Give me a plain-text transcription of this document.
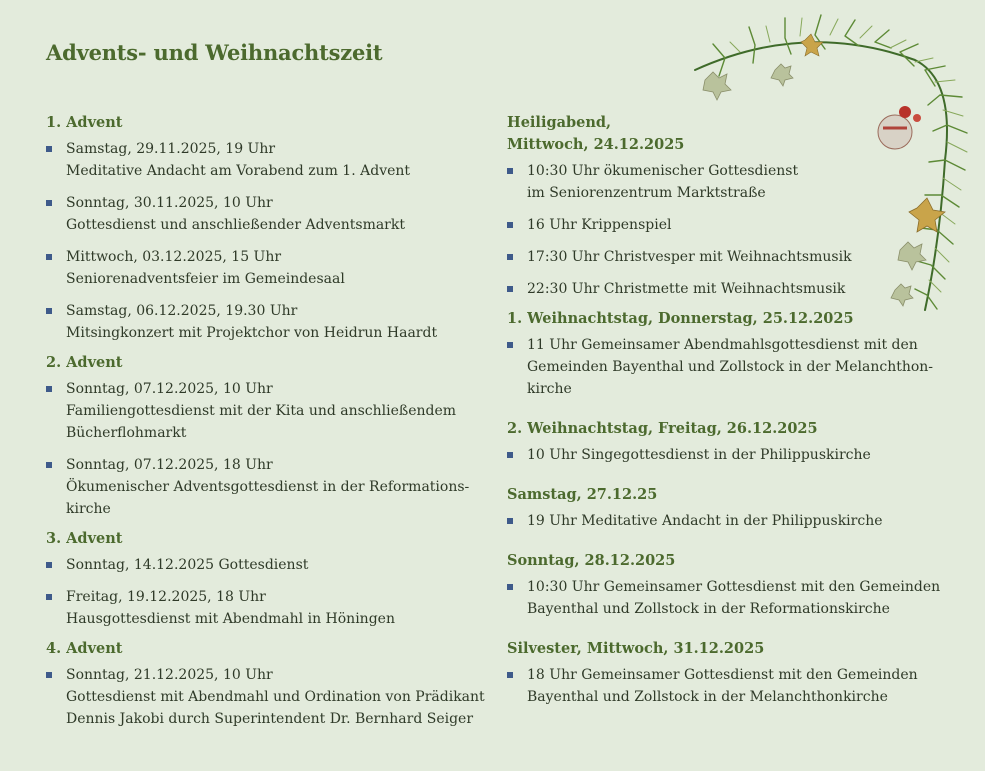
Advents- und Weihnachtszeit
1. Advent
Samstag, 29.11.2025, 19 Uhr
Meditative Andacht am Vorabend zum 1. Advent
Sonntag, 30.11.2025, 10 Uhr
Gottesdienst und anschließender Adventsmarkt
Mittwoch, 03.12.2025, 15 Uhr
Seniorenadventsfeier im Gemeindesaal
Samstag, 06.12.2025, 19.30 Uhr
Mitsingkonzert mit Projektchor von Heidrun Haardt
2. Advent
Sonntag, 07.12.2025, 10 Uhr
Familiengottesdienst mit der Kita und anschließendem
Bücherflohmarkt
Sonntag, 07.12.2025, 18 Uhr
Ökumenischer Adventsgottesdienst in der Reformations-
kirche
3. Advent
Sonntag, 14.12.2025 Gottesdienst
Freitag, 19.12.2025, 18 Uhr
Hausgottesdienst mit Abendmahl in Höningen
4. Advent
Sonntag, 21.12.2025, 10 Uhr
Gottesdienst mit Abendmahl und Ordination von Prädikant
Dennis Jakobi durch Superintendent Dr. Bernhard Seiger
Heiligabend,
Mittwoch, 24.12.2025
10:30 Uhr ökumenischer Gottesdienst
im Seniorenzentrum Marktstraße
16 Uhr Krippenspiel
17:30 Uhr Christvesper mit Weihnachtsmusik
22:30 Uhr Christmette mit Weihnachtsmusik
1. Weihnachtstag, Donnerstag, 25.12.2025
11 Uhr Gemeinsamer Abendmahlsgottesdienst mit den
Gemeinden Bayenthal und Zollstock in der Melanchthon-
kirche
2. Weihnachtstag, Freitag, 26.12.2025
10 Uhr Singegottesdienst in der Philippuskirche
Samstag, 27.12.25
19 Uhr Meditative Andacht in der Philippuskirche
Sonntag, 28.12.2025
10:30 Uhr Gemeinsamer Gottesdienst mit den Gemeinden
Bayenthal und Zollstock in der Reformationskirche
Silvester, Mittwoch, 31.12.2025
18 Uhr Gemeinsamer Gottesdienst mit den Gemeinden
Bayenthal und Zollstock in der Melanchthonkirche
